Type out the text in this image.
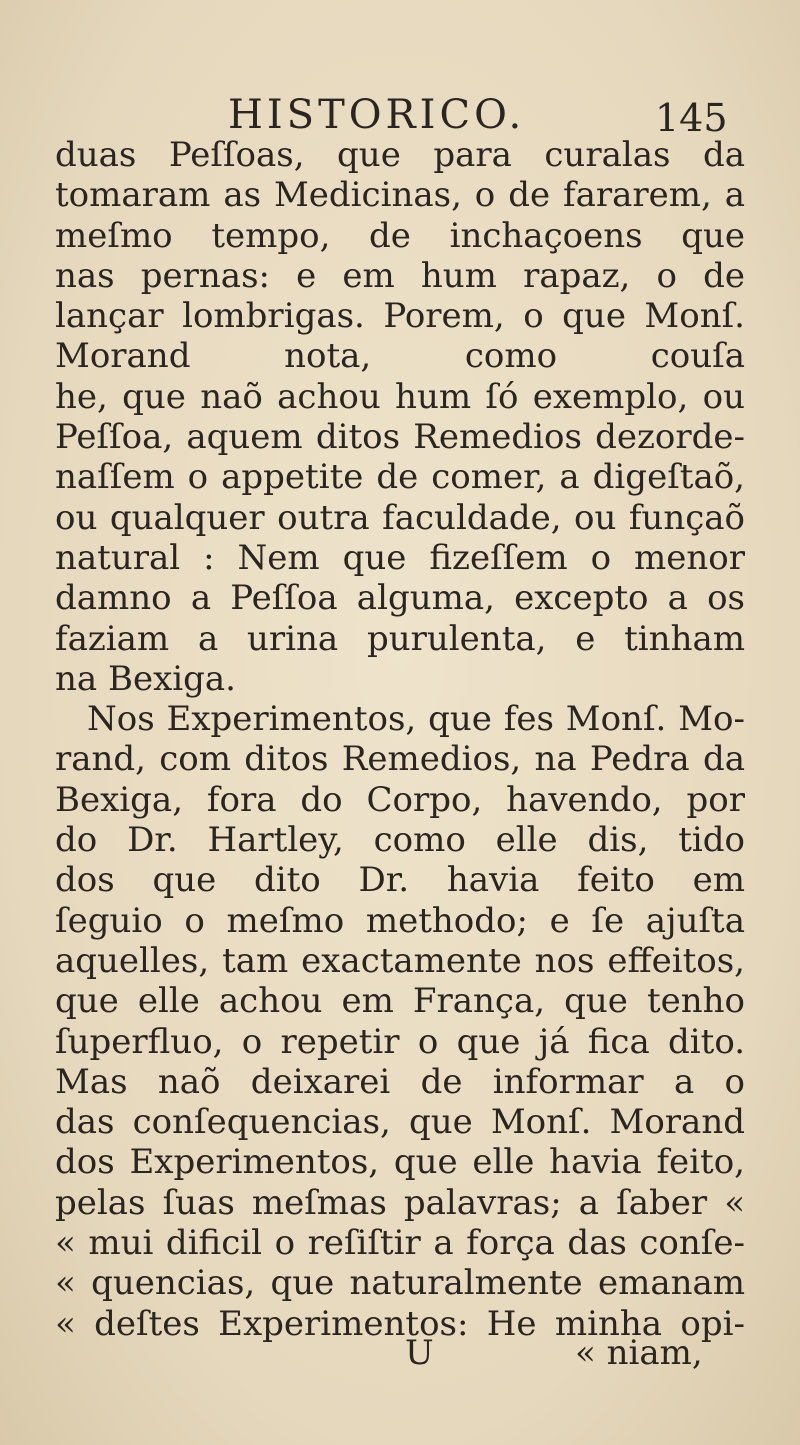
HISTORICO.	145
duas Peſſoas, que para curalas da
tomaram as Medicinas, o de fararem, a
meſmo tempo, de inchaçoens que
nas pernas: e em hum rapaz, o de
lançar lombrigas. Porem, o que Monſ.
Morand nota, como couſa
he, que naõ achou hum ſó exemplo, ou
Peſſoa, aquem ditos Remedios dezorde-
naſſem o appetite de comer, a digeſtaõ,
ou qualquer outra faculdade, ou funçaõ
natural : Nem que fizeſſem o menor
damno a Peſſoa alguma, excepto a os
faziam a urina purulenta, e tinham
na Bexiga.
Nos Experimentos, que fes Monſ. Mo-
rand, com ditos Remedios, na Pedra da
Bexiga, fora do Corpo, havendo, por
do Dr. Hartley, como elle dis, tido
dos que dito Dr. havia feito em
ſeguio o meſmo methodo; e ſe ajuſta
aquelles, tam exactamente nos effeitos,
que elle achou em França, que tenho
ſuperfluo, o repetir o que já fica dito.
Mas naõ deixarei de informar a o
das conſequencias, que Monſ. Morand
dos Experimentos, que elle havia feito,
pelas ſuas meſmas palavras; a ſaber «
« mui dificil o reſiſtir a força das conſe-
« quencias, que naturalmente emanam
« deſtes Experimentos: He minha opi-
U	« niam,
